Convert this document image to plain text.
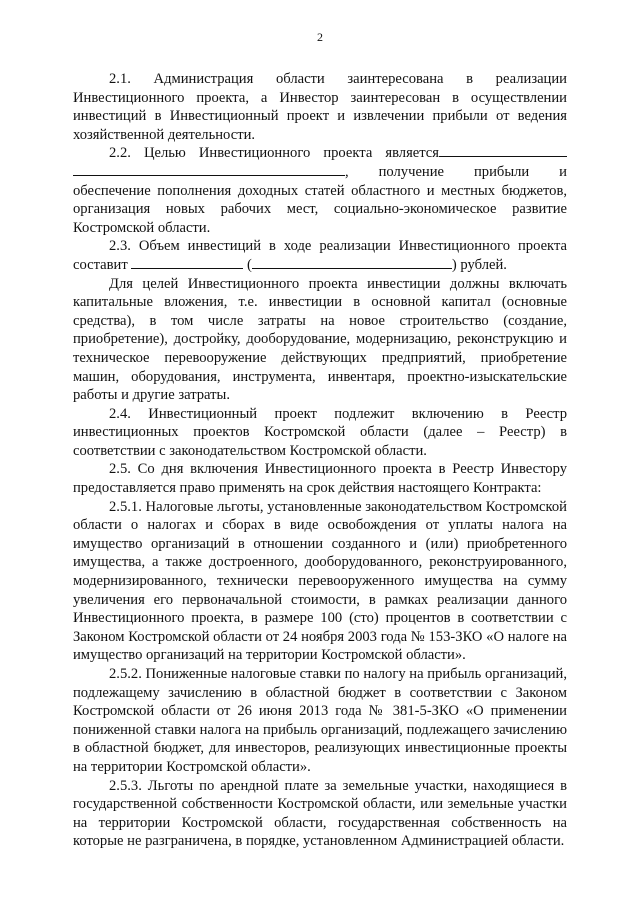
2

2.1. Администрация области заинтересована в реализации Инвестиционного проекта, а Инвестор заинтересован в осуществлении инвестиций в Инвестиционный проект и извлечении прибыли от ведения хозяйственной деятельности.

2.2. Целью Инвестиционного проекта является
, получение прибыли и

обеспечение пополнения доходных статей областного и местных бюджетов, организация новых рабочих мест, социально-экономическое развитие Костромской области.

2.3. Объем инвестиций в ходе реализации Инвестиционного проекта
составит	(	) рублей.

Для целей Инвестиционного проекта инвестиции должны включать капитальные вложения, т.е. инвестиции в основной капитал (основные средства), в том числе затраты на новое строительство (создание, приобретение), достройку, дооборудование, модернизацию, реконструкцию и техническое перевооружение действующих предприятий, приобретение машин, оборудования, инструмента, инвентаря, проектно-изыскательские работы и другие затраты.

2.4. Инвестиционный проект подлежит включению в Реестр инвестиционных проектов Костромской области (далее – Реестр) в соответствии с законодательством Костромской области.

2.5. Со дня включения Инвестиционного проекта в Реестр Инвестору предоставляется право применять на срок действия настоящего Контракта:

2.5.1. Налоговые льготы, установленные законодательством Костромской области о налогах и сборах в виде освобождения от уплаты налога на имущество организаций в отношении созданного и (или) приобретенного имущества, а также достроенного, дооборудованного, реконструированного, модернизированного, технически перевооруженного имущества на сумму увеличения его первоначальной стоимости, в рамках реализации данного Инвестиционного проекта, в размере 100 (сто) процентов в соответствии с Законом Костромской области от 24 ноября 2003 года № 153-ЗКО «О налоге на имущество организаций на территории Костромской области».

2.5.2. Пониженные налоговые ставки по налогу на прибыль организаций, подлежащему зачислению в областной бюджет в соответствии с Законом Костромской области от 26 июня 2013 года № 381-5-ЗКО «О применении пониженной ставки налога на прибыль организаций, подлежащего зачислению в областной бюджет, для инвесторов, реализующих инвестиционные проекты на территории Костромской области».

2.5.3. Льготы по арендной плате за земельные участки, находящиеся в государственной собственности Костромской области, или земельные участки на территории Костромской области, государственная собственность на которые не разграничена, в порядке, установленном Администрацией области.
